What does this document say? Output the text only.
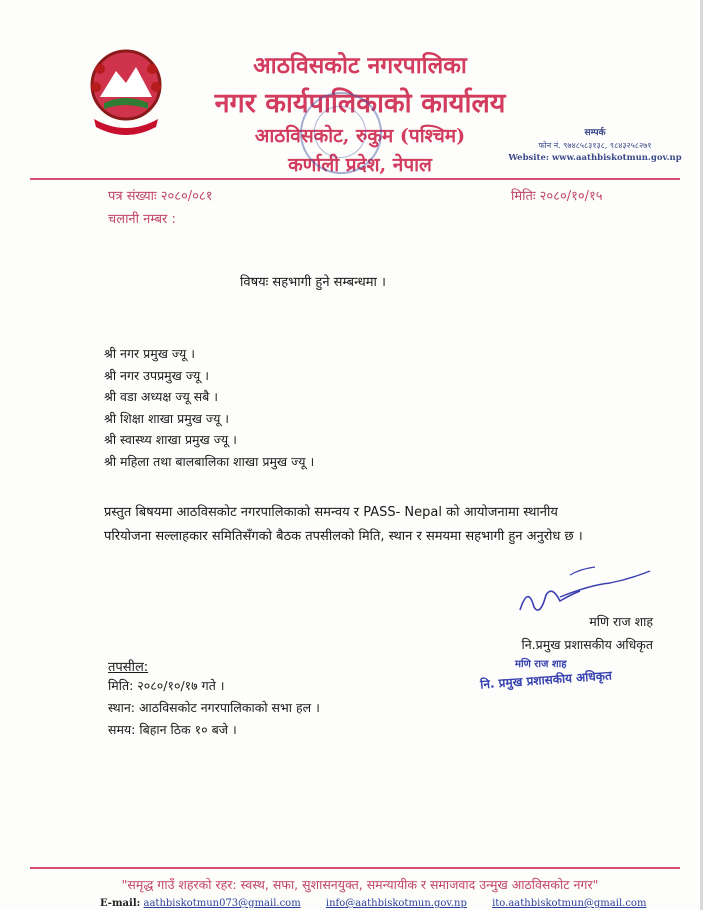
आठविसकोट नगरपालिका
नगर कार्यपालिकाको कार्यालय
आठविसकोट, रुकुम (पश्चिम)
कर्णाली प्रदेश, नेपाल
सम्पर्क
फोन नं. ९७४८५८३१३८, ९८४३२५८२७१
Website: www.aathbiskotmun.gov.np
पत्र संख्याः २०८०/०८१
चलानी नम्बर :
मितिः २०८०/१०/१५
विषयः सहभागी हुने सम्बन्धमा ।
श्री नगर प्रमुख ज्यू ।
श्री नगर उपप्रमुख ज्यू ।
श्री वडा अध्यक्ष ज्यू सबै ।
श्री शिक्षा शाखा प्रमुख ज्यू ।
श्री स्वास्थ्य शाखा प्रमुख ज्यू ।
श्री महिला तथा बालबालिका शाखा प्रमुख ज्यू ।
प्रस्तुत बिषयमा आठविसकोट नगरपालिकाको समन्वय र PASS- Nepal को आयोजनामा स्थानीय
परियोजना सल्लाहकार समितिसँगको बैठक तपसीलको मिति, स्थान र समयमा सहभागी हुन अनुरोध छ ।
मणि राज शाह
नि.प्रमुख प्रशासकीय अधिकृत
मणि राज शाह
नि. प्रमुख प्रशासकीय अधिकृत
तपसील:
मिति: २०८०/१०/१७ गते ।
स्थान: आठविसकोट नगरपालिकाको सभा हल ।
समय: बिहान ठिक १० बजे ।
"समृद्ध गाउँ शहरको रहर: स्वस्थ, सफा, सुशासनयुक्त, समन्यायीक र समाजवाद उन्मुख आठविसकोट नगर"
E-mail: aathbiskotmun073@gmail.com	info@aathbiskotmun.gov.np	ito.aathbiskotmun@gmail.com
